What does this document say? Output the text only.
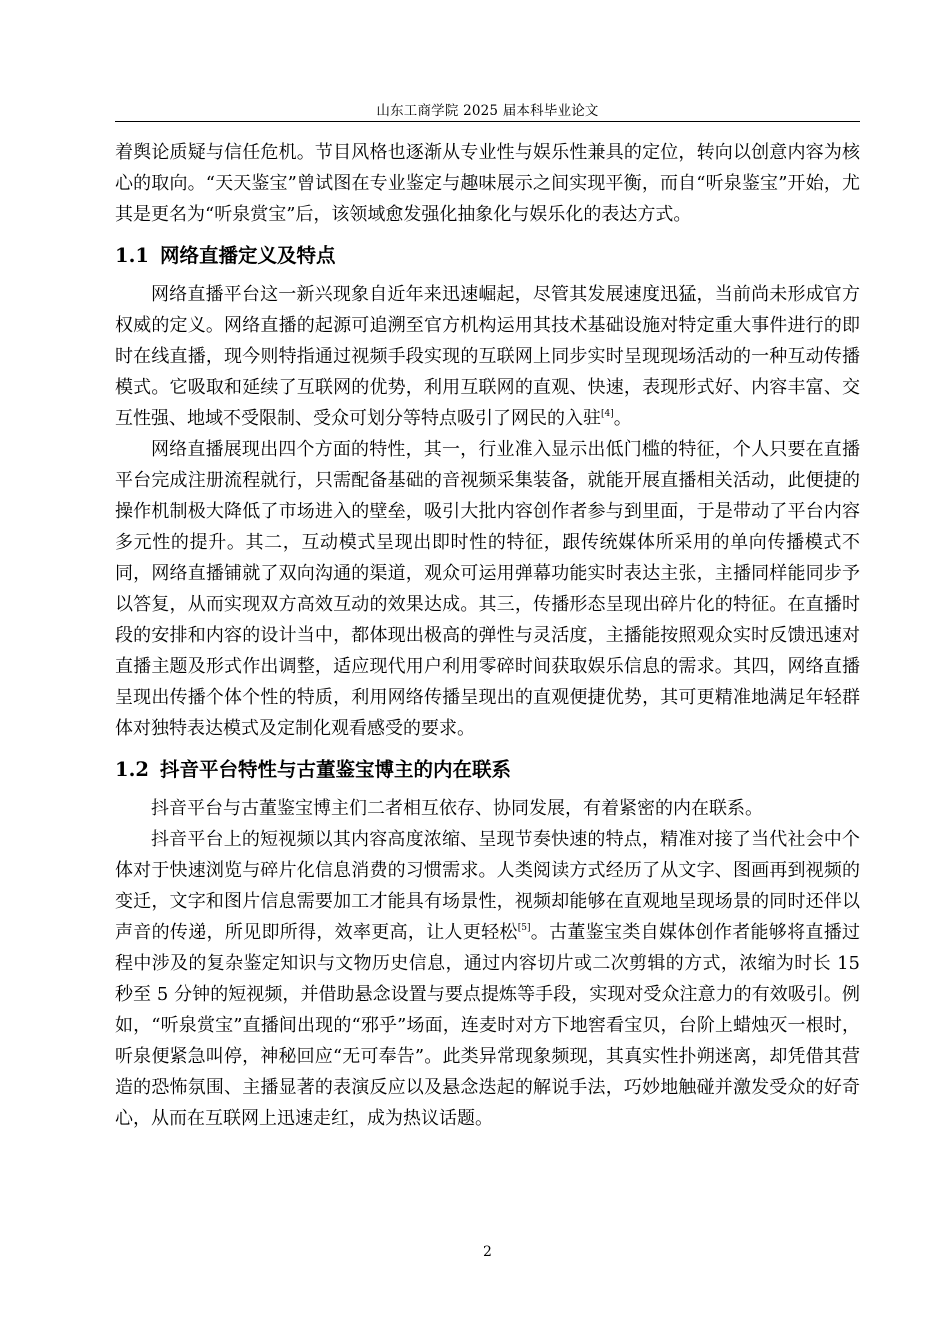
山东工商学院 2025 届本科毕业论文

着舆论质疑与信任危机。节目风格也逐渐从专业性与娱乐性兼具的定位，转向以创意内容为核心的取向。“天天鉴宝”曾试图在专业鉴定与趣味展示之间实现平衡，而自“听泉鉴宝”开始，尤其是更名为“听泉赏宝”后，该领域愈发强化抽象化与娱乐化的表达方式。

1.1 网络直播定义及特点

网络直播平台这一新兴现象自近年来迅速崛起，尽管其发展速度迅猛，当前尚未形成官方权威的定义。网络直播的起源可追溯至官方机构运用其技术基础设施对特定重大事件进行的即时在线直播，现今则特指通过视频手段实现的互联网上同步实时呈现现场活动的一种互动传播模式。它吸取和延续了互联网的优势，利用互联网的直观、快速，表现形式好、内容丰富、交互性强、地域不受限制、受众可划分等特点吸引了网民的入驻[4]。

网络直播展现出四个方面的特性，其一，行业准入显示出低门槛的特征，个人只要在直播平台完成注册流程就行，只需配备基础的音视频采集装备，就能开展直播相关活动，此便捷的操作机制极大降低了市场进入的壁垒，吸引大批内容创作者参与到里面，于是带动了平台内容多元性的提升。其二，互动模式呈现出即时性的特征，跟传统媒体所采用的单向传播模式不同，网络直播铺就了双向沟通的渠道，观众可运用弹幕功能实时表达主张，主播同样能同步予以答复，从而实现双方高效互动的效果达成。其三，传播形态呈现出碎片化的特征。在直播时段的安排和内容的设计当中，都体现出极高的弹性与灵活度，主播能按照观众实时反馈迅速对直播主题及形式作出调整，适应现代用户利用零碎时间获取娱乐信息的需求。其四，网络直播呈现出传播个体个性的特质，利用网络传播呈现出的直观便捷优势，其可更精准地满足年轻群体对独特表达模式及定制化观看感受的要求。

1.2 抖音平台特性与古董鉴宝博主的内在联系

抖音平台与古董鉴宝博主们二者相互依存、协同发展，有着紧密的内在联系。

抖音平台上的短视频以其内容高度浓缩、呈现节奏快速的特点，精准对接了当代社会中个体对于快速浏览与碎片化信息消费的习惯需求。人类阅读方式经历了从文字、图画再到视频的变迁，文字和图片信息需要加工才能具有场景性，视频却能够在直观地呈现场景的同时还伴以声音的传递，所见即所得，效率更高，让人更轻松[5]。古董鉴宝类自媒体创作者能够将直播过程中涉及的复杂鉴定知识与文物历史信息，通过内容切片或二次剪辑的方式，浓缩为时长 15 秒至 5 分钟的短视频，并借助悬念设置与要点提炼等手段，实现对受众注意力的有效吸引。例如，“听泉赏宝”直播间出现的“邪乎”场面，连麦时对方下地窖看宝贝，台阶上蜡烛灭一根时，听泉便紧急叫停，神秘回应“无可奉告”。此类异常现象频现，其真实性扑朔迷离，却凭借其营造的恐怖氛围、主播显著的表演反应以及悬念迭起的解说手法，巧妙地触碰并激发受众的好奇心，从而在互联网上迅速走红，成为热议话题。

2
